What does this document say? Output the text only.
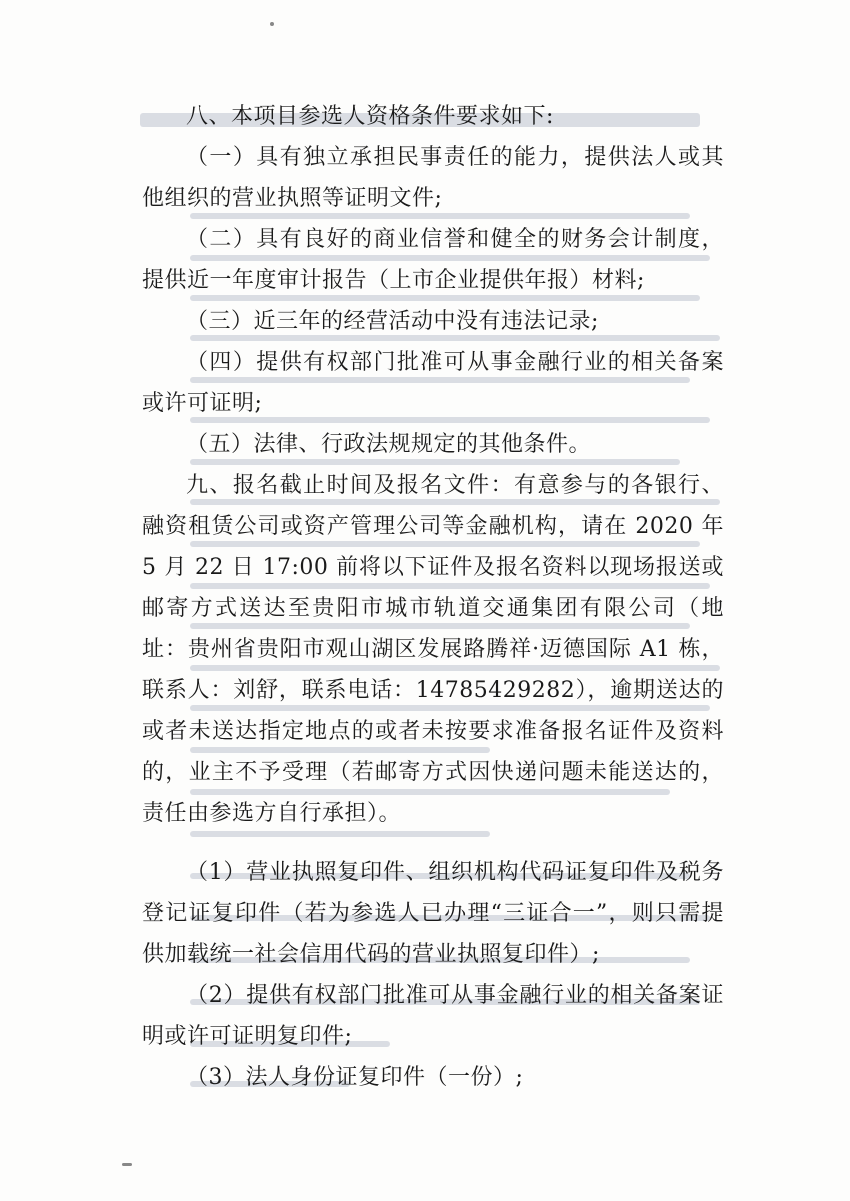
八、本项目参选人资格条件要求如下:

（一）具有独立承担民事责任的能力，提供法人或其他组织的营业执照等证明文件;

（二）具有良好的商业信誉和健全的财务会计制度，提供近一年度审计报告（上市企业提供年报）材料;

（三）近三年的经营活动中没有违法记录;

（四）提供有权部门批准可从事金融行业的相关备案或许可证明;

（五）法律、行政法规规定的其他条件。

九、报名截止时间及报名文件：有意参与的各银行、融资租赁公司或资产管理公司等金融机构，请在 2020 年 5 月 22 日 17:00 前将以下证件及报名资料以现场报送或邮寄方式送达至贵阳市城市轨道交通集团有限公司（地址：贵州省贵阳市观山湖区发展路腾祥·迈德国际 A1 栋，联系人：刘舒，联系电话：14785429282），逾期送达的或者未送达指定地点的或者未按要求准备报名证件及资料的，业主不予受理（若邮寄方式因快递问题未能送达的，责任由参选方自行承担）。

（1）营业执照复印件、组织机构代码证复印件及税务登记证复印件（若为参选人已办理“三证合一”，则只需提供加载统一社会信用代码的营业执照复印件）;

（2）提供有权部门批准可从事金融行业的相关备案证明或许可证明复印件;

（3）法人身份证复印件（一份）;
